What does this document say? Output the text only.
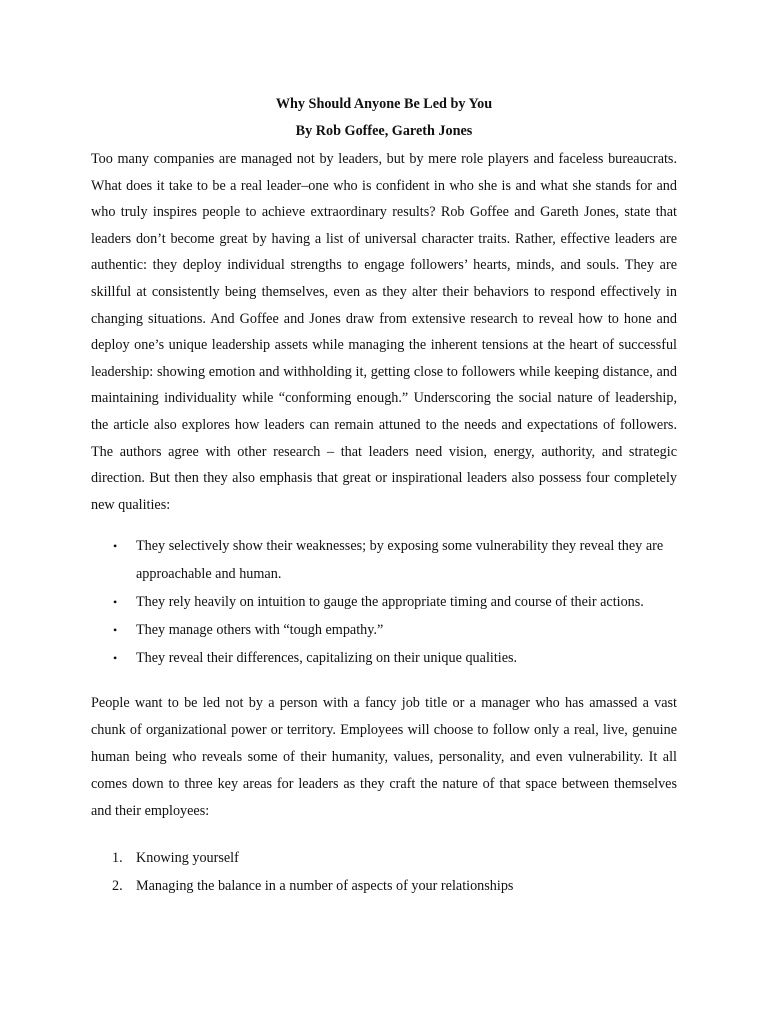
Why Should Anyone Be Led by You

By Rob Goffee, Gareth Jones

Too many companies are managed not by leaders, but by mere role players and faceless bureaucrats. What does it take to be a real leader–one who is confident in who she is and what she stands for and who truly inspires people to achieve extraordinary results? Rob Goffee and Gareth Jones, state that leaders don’t become great by having a list of universal character traits. Rather, effective leaders are authentic: they deploy individual strengths to engage followers’ hearts, minds, and souls. They are skillful at consistently being themselves, even as they alter their behaviors to respond effectively in changing situations. And Goffee and Jones draw from extensive research to reveal how to hone and deploy one’s unique leadership assets while managing the inherent tensions at the heart of successful leadership: showing emotion and withholding it, getting close to followers while keeping distance, and maintaining individuality while “conforming enough.” Underscoring the social nature of leadership, the article also explores how leaders can remain attuned to the needs and expectations of followers. The authors agree with other research – that leaders need vision, energy, authority, and strategic direction. But then they also emphasis that great or inspirational leaders also possess four completely new qualities:

• They selectively show their weaknesses; by exposing some vulnerability they reveal they are approachable and human.
• They rely heavily on intuition to gauge the appropriate timing and course of their actions.
• They manage others with “tough empathy.”
• They reveal their differences, capitalizing on their unique qualities.

People want to be led not by a person with a fancy job title or a manager who has amassed a vast chunk of organizational power or territory. Employees will choose to follow only a real, live, genuine human being who reveals some of their humanity, values, personality, and even vulnerability. It all comes down to three key areas for leaders as they craft the nature of that space between themselves and their employees:

1. Knowing yourself
2. Managing the balance in a number of aspects of your relationships
